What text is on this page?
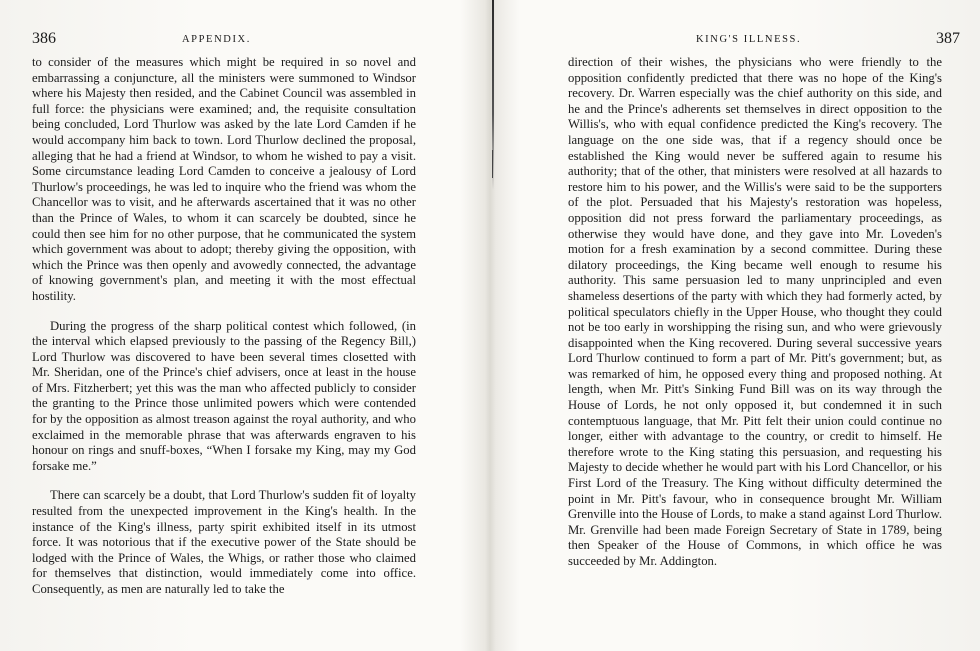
386	APPENDIX.

to consider of the measures which might be required in so novel and embarrassing a conjuncture, all the ministers were summoned to Windsor where his Majesty then resided, and the Cabinet Council was assembled in full force: the physicians were examined; and, the requisite consultation being concluded, Lord Thurlow was asked by the late Lord Camden if he would accompany him back to town. Lord Thurlow declined the proposal, alleging that he had a friend at Windsor, to whom he wished to pay a visit. Some circumstance leading Lord Camden to conceive a jealousy of Lord Thurlow's proceedings, he was led to inquire who the friend was whom the Chancellor was to visit, and he afterwards ascertained that it was no other than the Prince of Wales, to whom it can scarcely be doubted, since he could then see him for no other purpose, that he communicated the system which government was about to adopt; thereby giving the opposition, with which the Prince was then openly and avowedly connected, the advantage of knowing government's plan, and meeting it with the most effectual hostility.

During the progress of the sharp political contest which followed, (in the interval which elapsed previously to the passing of the Regency Bill,) Lord Thurlow was discovered to have been several times closetted with Mr. Sheridan, one of the Prince's chief advisers, once at least in the house of Mrs. Fitzherbert; yet this was the man who affected publicly to consider the granting to the Prince those unlimited powers which were contended for by the opposition as almost treason against the royal authority, and who exclaimed in the memorable phrase that was afterwards engraven to his honour on rings and snuff-boxes, “When I forsake my King, may my God forsake me.”

There can scarcely be a doubt, that Lord Thurlow's sudden fit of loyalty resulted from the unexpected improvement in the King's health. In the instance of the King's illness, party spirit exhibited itself in its utmost force. It was notorious that if the executive power of the State should be lodged with the Prince of Wales, the Whigs, or rather those who claimed for themselves that distinction, would immediately come into office. Consequently, as men are naturally led to take the

KING'S ILLNESS.	387

direction of their wishes, the physicians who were friendly to the opposition confidently predicted that there was no hope of the King's recovery. Dr. Warren especially was the chief authority on this side, and he and the Prince's adherents set themselves in direct opposition to the Willis's, who with equal confidence predicted the King's recovery. The language on the one side was, that if a regency should once be established the King would never be suffered again to resume his authority; that of the other, that ministers were resolved at all hazards to restore him to his power, and the Willis's were said to be the supporters of the plot. Persuaded that his Majesty's restoration was hopeless, opposition did not press forward the parliamentary proceedings, as otherwise they would have done, and they gave into Mr. Loveden's motion for a fresh examination by a second committee. During these dilatory proceedings, the King became well enough to resume his authority. This same persuasion led to many unprincipled and even shameless desertions of the party with which they had formerly acted, by political speculators chiefly in the Upper House, who thought they could not be too early in worshipping the rising sun, and who were grievously disappointed when the King recovered. During several successive years Lord Thurlow continued to form a part of Mr. Pitt's government; but, as was remarked of him, he opposed every thing and proposed nothing. At length, when Mr. Pitt's Sinking Fund Bill was on its way through the House of Lords, he not only opposed it, but condemned it in such contemptuous language, that Mr. Pitt felt their union could continue no longer, either with advantage to the country, or credit to himself. He therefore wrote to the King stating this persuasion, and requesting his Majesty to decide whether he would part with his Lord Chancellor, or his First Lord of the Treasury. The King without difficulty determined the point in Mr. Pitt's favour, who in consequence brought Mr. William Grenville into the House of Lords, to make a stand against Lord Thurlow. Mr. Grenville had been made Foreign Secretary of State in 1789, being then Speaker of the House of Commons, in which office he was succeeded by Mr. Addington.
